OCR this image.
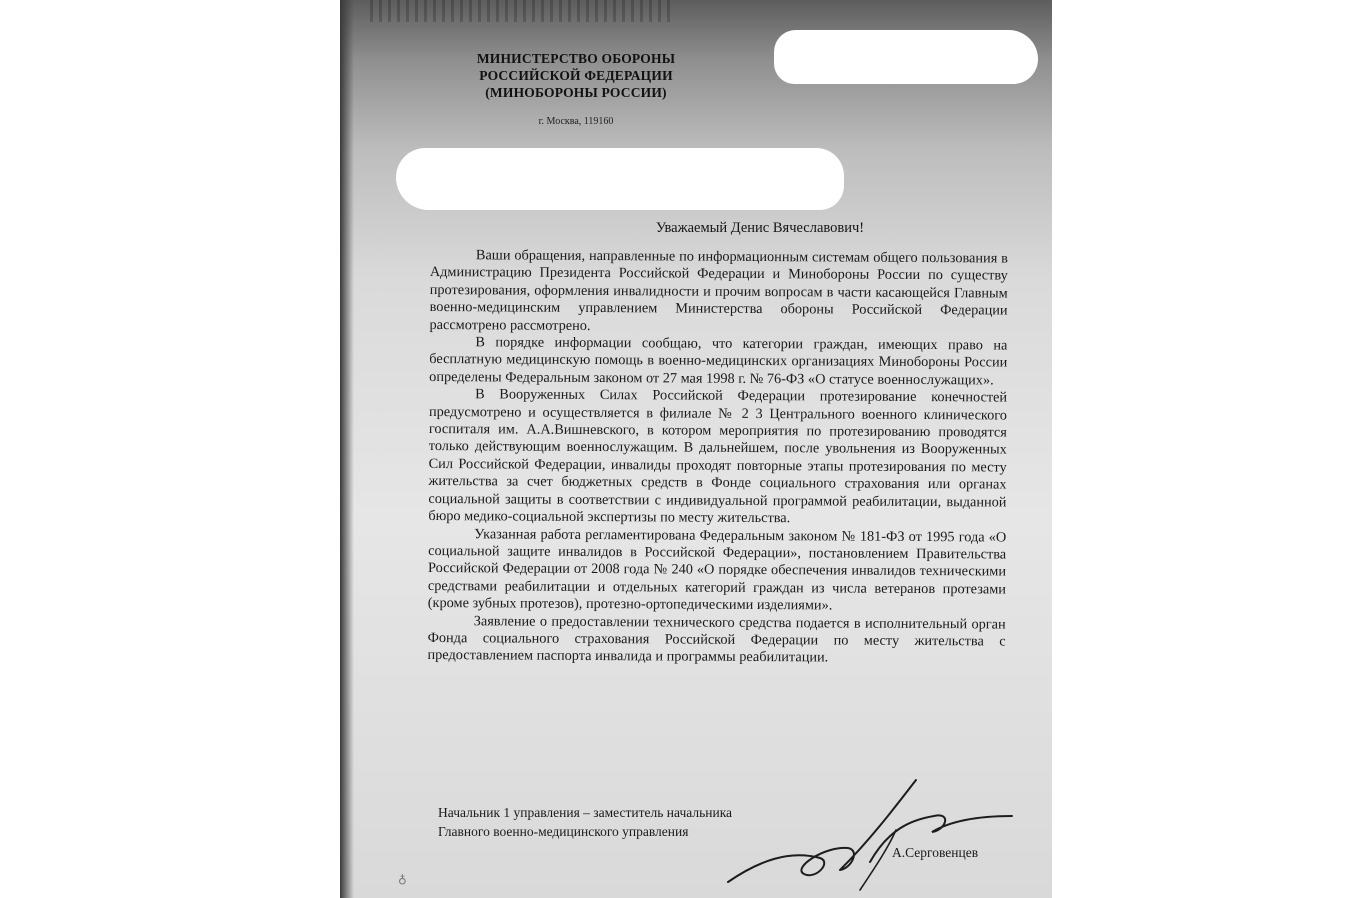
МИНИСТЕРСТВО ОБОРОНЫ
РОССИЙСКОЙ ФЕДЕРАЦИИ
(МИНОБОРОНЫ РОССИИ)
г. Москва, 119160
Уважаемый Денис Вячеславович!

Ваши обращения, направленные по информационным системам общего пользования в Администрацию Президента Российской Федерации и Минобороны России по существу протезирования, оформления инвалидности и прочим вопросам в части касающейся Главным военно-медицинским управлением Министерства обороны Российской Федерации рассмотрено рассмотрено.

В порядке информации сообщаю, что категории граждан, имеющих право на бесплатную медицинскую помощь в военно-медицинских организациях Минобороны России определены Федеральным законом от 27 мая 1998 г. № 76-ФЗ «О статусе военнослужащих».

В Вооруженных Силах Российской Федерации протезирование конечностей предусмотрено и осуществляется в филиале № 2 3 Центрального военного клинического госпиталя им. А.А.Вишневского, в котором мероприятия по протезированию проводятся только действующим военнослужащим. В дальнейшем, после увольнения из Вооруженных Сил Российской Федерации, инвалиды проходят повторные этапы протезирования по месту жительства за счет бюджетных средств в Фонде социального страхования или органах социальной защиты в соответствии с индивидуальной программой реабилитации, выданной бюро медико-социальной экспертизы по месту жительства.

Указанная работа регламентирована Федеральным законом № 181-ФЗ от 1995 года «О социальной защите инвалидов в Российской Федерации», постановлением Правительства Российской Федерации от 2008 года № 240 «О порядке обеспечения инвалидов техническими средствами реабилитации и отдельных категорий граждан из числа ветеранов протезами (кроме зубных протезов), протезно-ортопедическими изделиями».

Заявление о предоставлении технического средства подается в исполнительный орган Фонда социального страхования Российской Федерации по месту жительства с предоставлением паспорта инвалида и программы реабилитации.

Начальник 1 управления – заместитель начальника
Главного военно-медицинского управления
А.Серговенцев
♁
